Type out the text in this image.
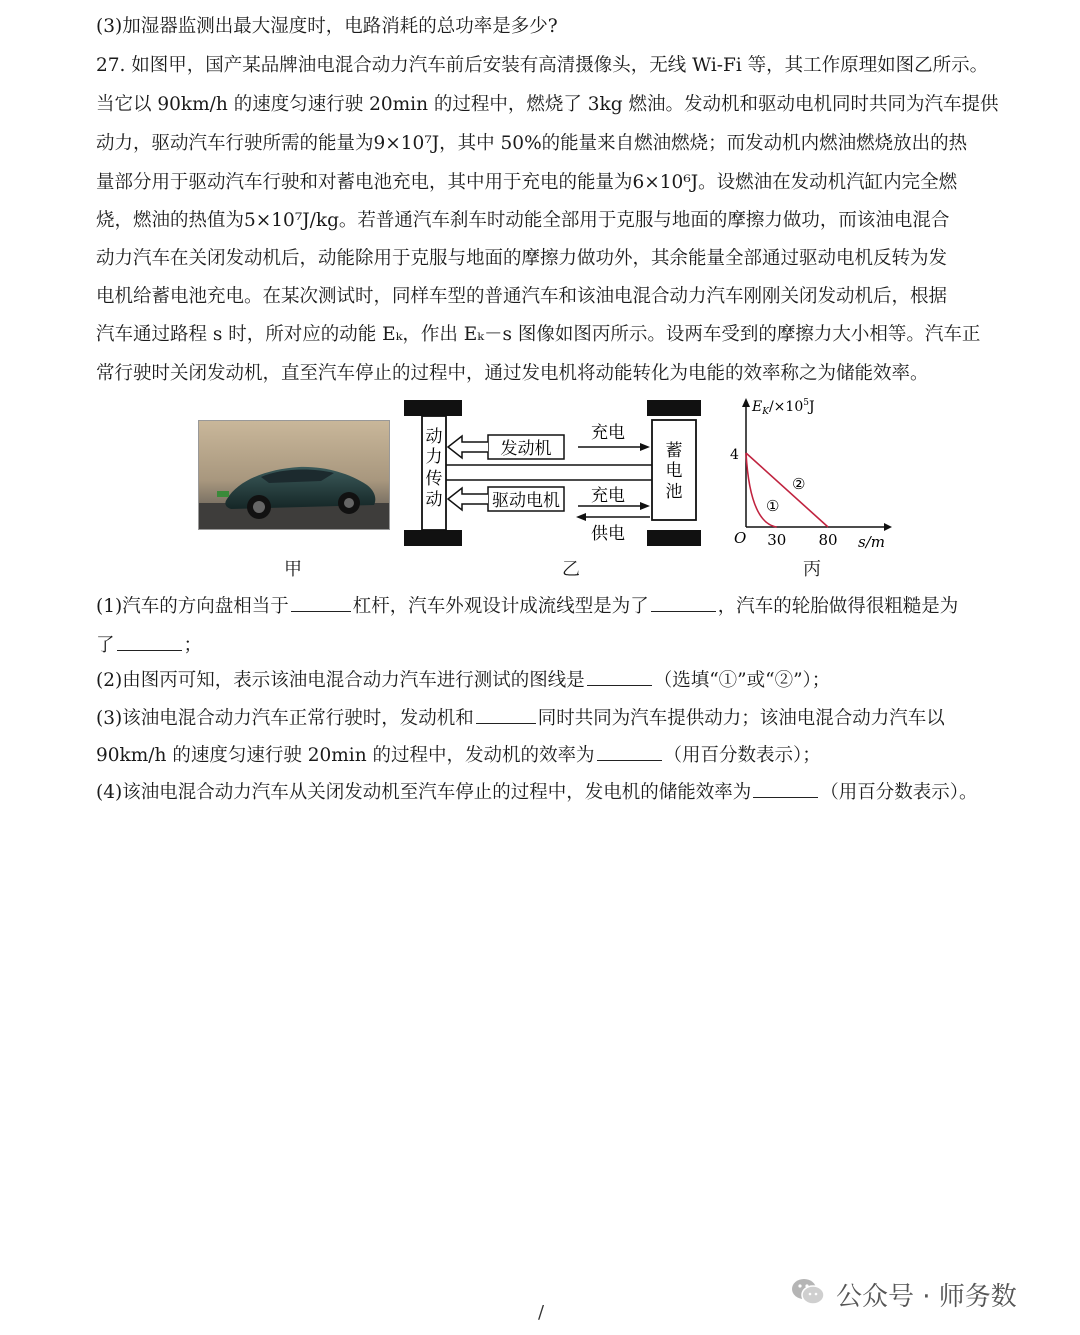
(3)加湿器监测出最大湿度时，电路消耗的总功率是多少?
27. 如图甲，国产某品牌油电混合动力汽车前后安装有高清摄像头，无线 Wi-Fi 等，其工作原理如图乙所示。
当它以 90km/h 的速度匀速行驶 20min 的过程中，燃烧了 3kg 燃油。发动机和驱动电机同时共同为汽车提供
动力，驱动汽车行驶所需的能量为9×10⁷J，其中 50%的能量来自燃油燃烧；而发动机内燃油燃烧放出的热
量部分用于驱动汽车行驶和对蓄电池充电，其中用于充电的能量为6×10⁶J。设燃油在发动机汽缸内完全燃
烧，燃油的热值为5×10⁷J/kg。若普通汽车刹车时动能全部用于克服与地面的摩擦力做功，而该油电混合
动力汽车在关闭发动机后，动能除用于克服与地面的摩擦力做功外，其余能量全部通过驱动电机反转为发
电机给蓄电池充电。在某次测试时，同样车型的普通汽车和该油电混合动力汽车刚刚关闭发动机后，根据
汽车通过路程 s 时，所对应的动能 Eₖ，作出 Eₖ－s 图像如图丙所示。设两车受到的摩擦力大小相等。汽车正
常行驶时关闭发动机，直至汽车停止的过程中，通过发电机将动能转化为电能的效率称之为储能效率。
动
力
传
动
发动机
驱动电机
蓄
电
池
充电
充电
供电
$E_K/\times 10^5J$
4
O 30 80 s/m
①
②
甲	乙	丙
(1)汽车的方向盘相当于	杠杆，汽车外观设计成流线型是为了	，汽车的轮胎做得很粗糙是为
了	；
(2)由图丙可知，表示该油电混合动力汽车进行测试的图线是	（选填“①”或“②”）；
(3)该油电混合动力汽车正常行驶时，发动机和	同时共同为汽车提供动力；该油电混合动力汽车以
90km/h 的速度匀速行驶 20min 的过程中，发动机的效率为	（用百分数表示）；
(4)该油电混合动力汽车从关闭发动机至汽车停止的过程中，发电机的储能效率为	（用百分数表示）。
公众号 · 师务数
/
